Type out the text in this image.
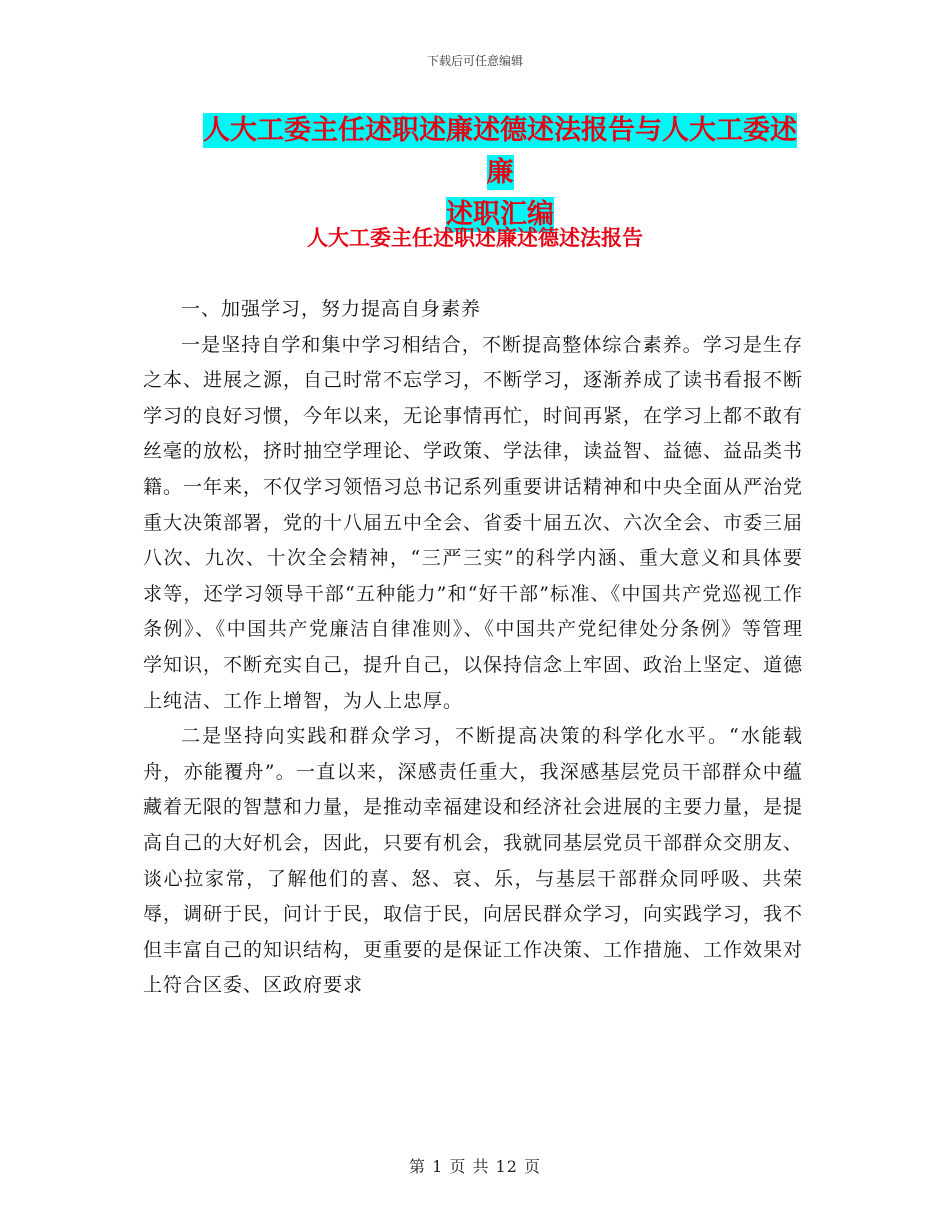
下载后可任意编辑
人大工委主任述职述廉述德述法报告与人大工委述廉
述职汇编
人大工委主任述职述廉述德述法报告

一、加强学习，努力提高自身素养

一是坚持自学和集中学习相结合，不断提高整体综合素养。学习是生存之本、进展之源，自己时常不忘学习，不断学习，逐渐养成了读书看报不断学习的良好习惯，今年以来，无论事情再忙，时间再紧，在学习上都不敢有丝毫的放松，挤时抽空学理论、学政策、学法律，读益智、益德、益品类书籍。一年来，不仅学习领悟习总书记系列重要讲话精神和中央全面从严治党重大决策部署，党的十八届五中全会、省委十届五次、六次全会、市委三届八次、九次、十次全会精神，“三严三实”的科学内涵、重大意义和具体要求等，还学习领导干部“五种能力”和“好干部”标准、《中国共产党巡视工作条例》、《中国共产党廉洁自律准则》、《中国共产党纪律处分条例》等管理学知识，不断充实自己，提升自己，以保持信念上牢固、政治上坚定、道德上纯洁、工作上增智，为人上忠厚。

二是坚持向实践和群众学习，不断提高决策的科学化水平。“水能载舟，亦能覆舟”。一直以来，深感责任重大，我深感基层党员干部群众中蕴藏着无限的智慧和力量，是推动幸福建设和经济社会进展的主要力量，是提高自己的大好机会，因此，只要有机会，我就同基层党员干部群众交朋友、谈心拉家常，了解他们的喜、怒、哀、乐，与基层干部群众同呼吸、共荣辱，调研于民，问计于民，取信于民，向居民群众学习，向实践学习，我不但丰富自己的知识结构，更重要的是保证工作决策、工作措施、工作效果对上符合区委、区政府要求

第 1 页 共 12 页
